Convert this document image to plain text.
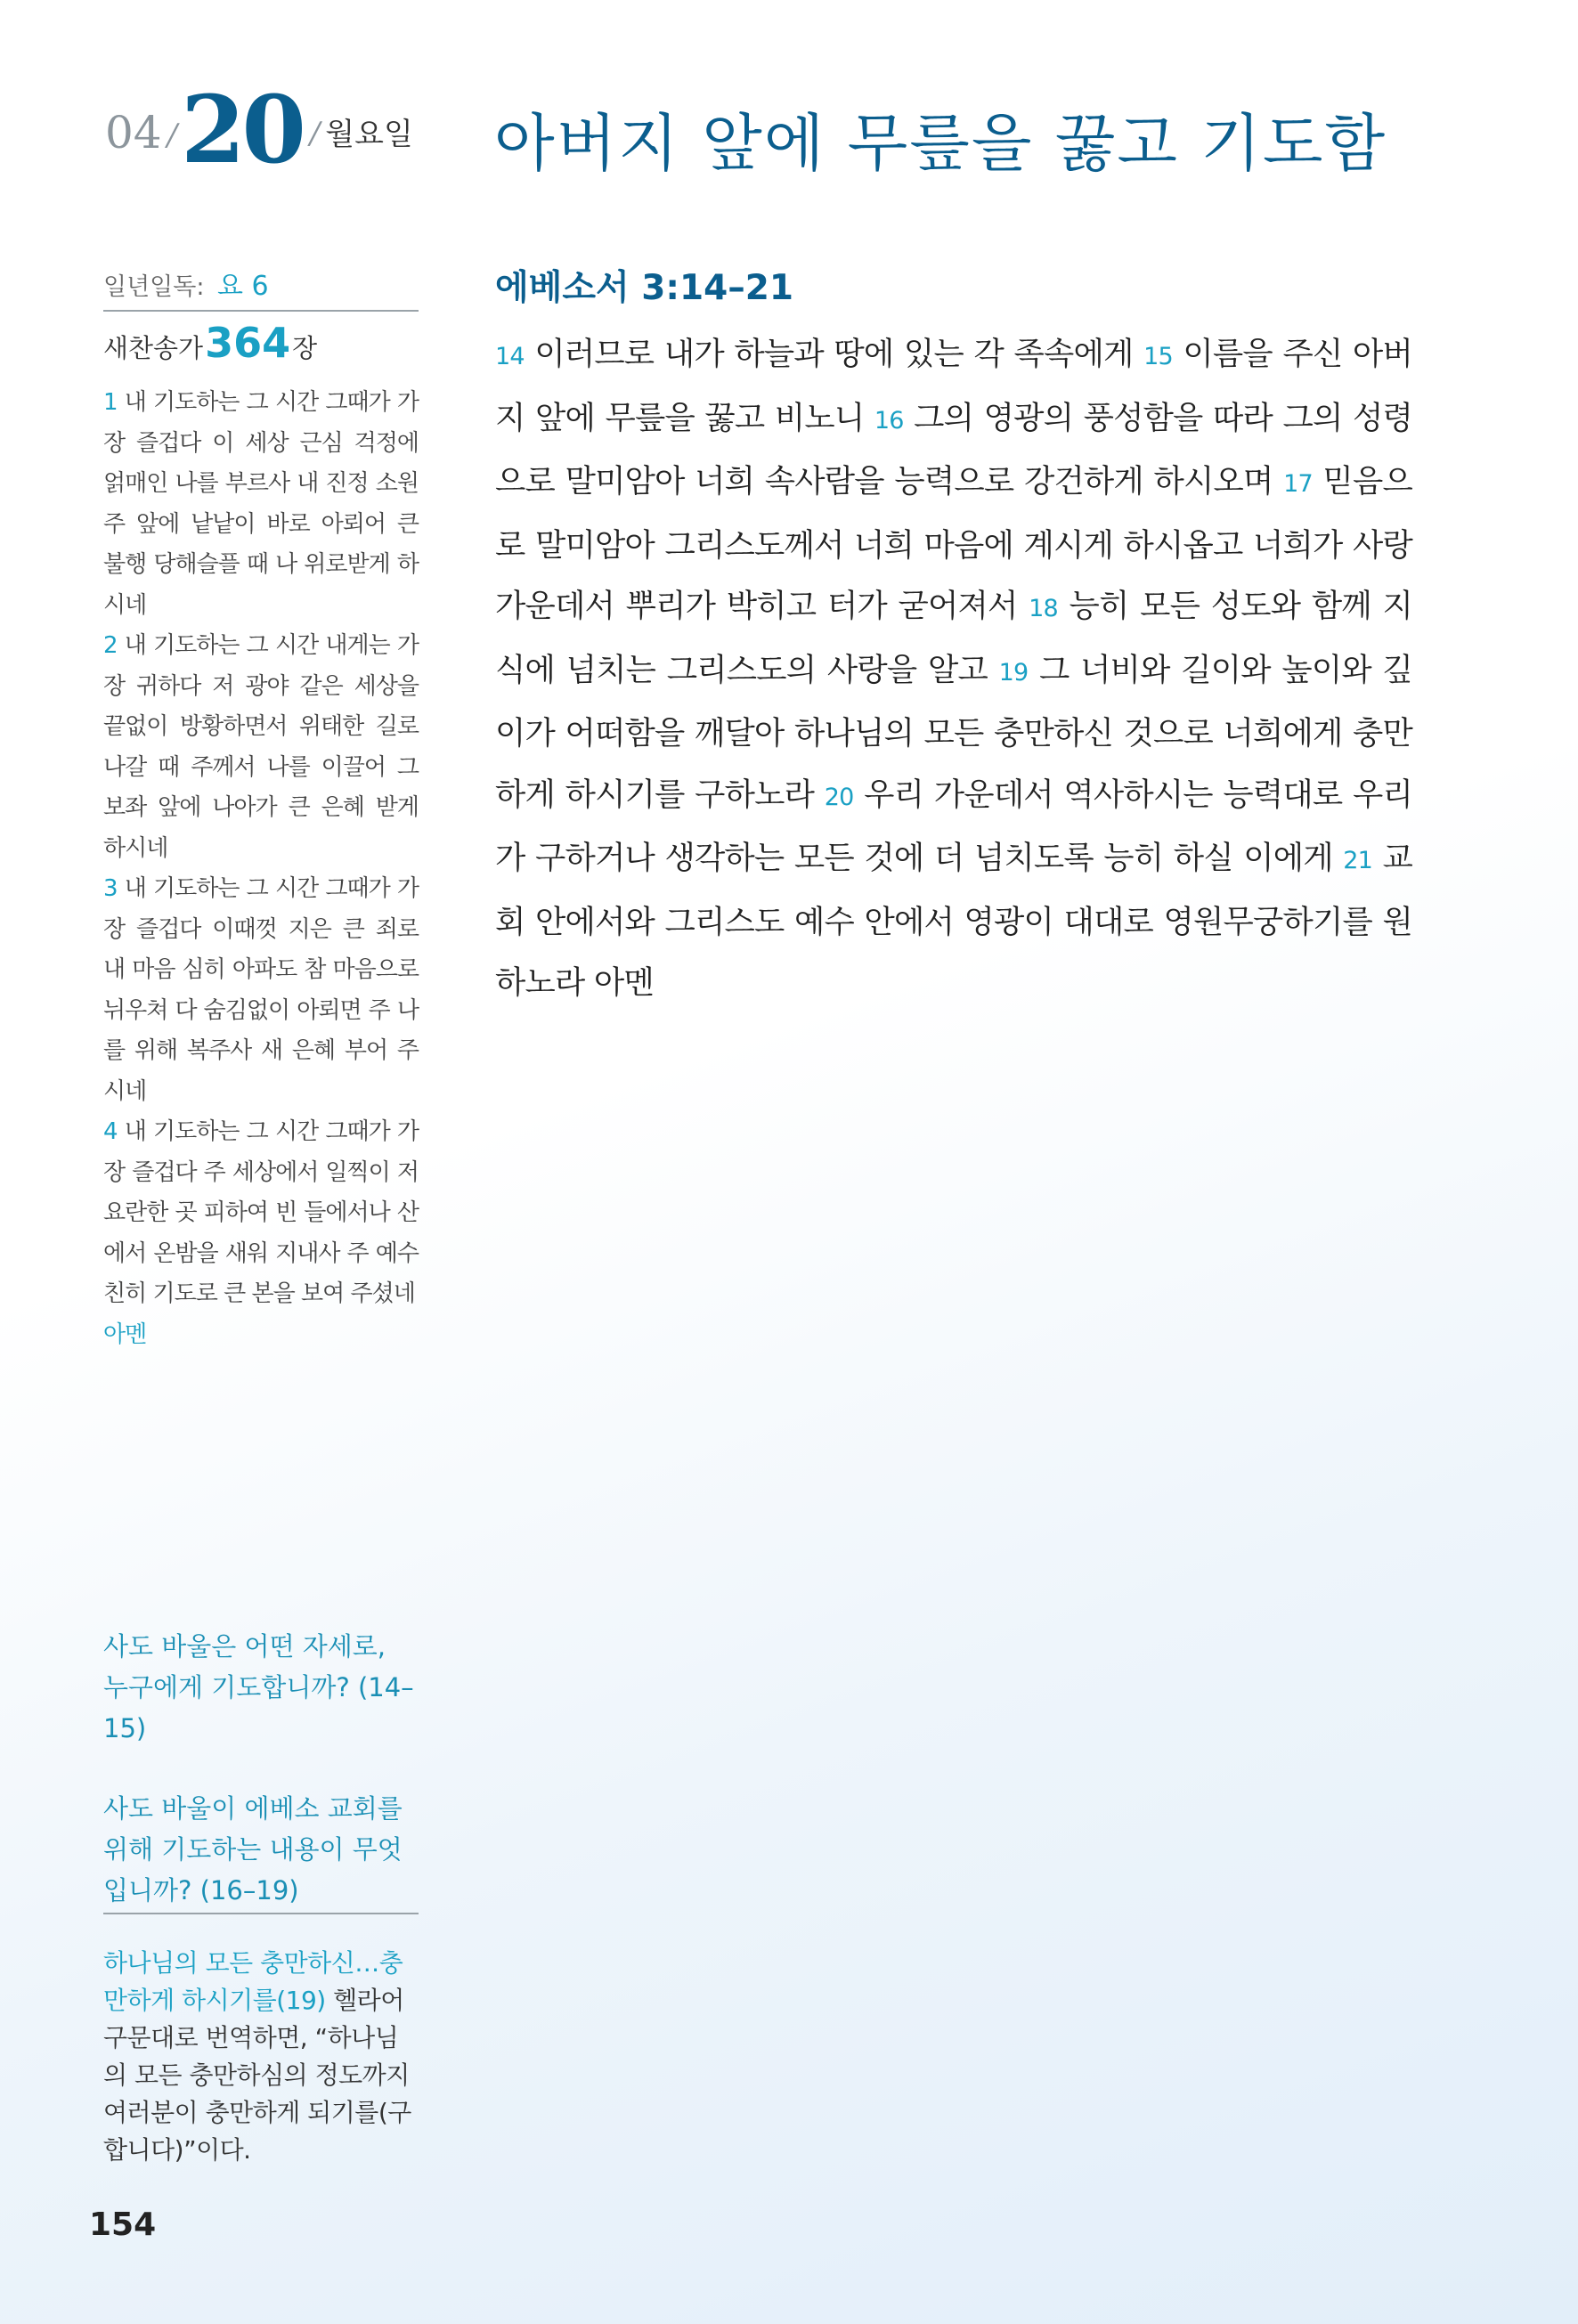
04 / 20 / 월요일 아버지 앞에 무릎을 꿇고 기도함
일년일독: 요 6
새찬송가 364 장
1 내 기도하는 그 시간 그때가 가장 즐겁다 이 세상 근심 걱정에 얽매인 나를 부르사 내 진정 소원 주 앞에 낱낱이 바로 아뢰어 큰 불행 당해슬플 때 나 위로받게 하시네
2 내 기도하는 그 시간 내게는 가장 귀하다 저 광야 같은 세상을 끝없이 방황하면서 위태한 길로 나갈 때 주께서 나를 이끌어 그 보좌 앞에 나아가 큰 은혜 받게 하시네
3 내 기도하는 그 시간 그때가 가장 즐겁다 이때껏 지은 큰 죄로 내 마음 심히 아파도 참 마음으로 뉘우쳐 다 숨김없이 아뢰면 주 나를 위해 복주사 새 은혜 부어 주시네
4 내 기도하는 그 시간 그때가 가장 즐겁다 주 세상에서 일찍이 저 요란한 곳 피하여 빈 들에서나 산에서 온밤을 새워 지내사 주 예수 친히 기도로 큰 본을 보여 주셨네
아멘

사도 바울은 어떤 자세로, 누구에게 기도합니까? (14–15)

사도 바울이 에베소 교회를 위해 기도하는 내용이 무엇입니까? (16–19)

하나님의 모든 충만하신…충만하게 하시기를(19) 헬라어 구문대로 번역하면, “하나님의 모든 충만하심의 정도까지 여러분이 충만하게 되기를(구합니다)”이다.
154
에베소서 3:14–21
14 이러므로 내가 하늘과 땅에 있는 각 족속에게 15 이름을 주신 아버지 앞에 무릎을 꿇고 비노니 16 그의 영광의 풍성함을 따라 그의 성령으로 말미암아 너희 속사람을 능력으로 강건하게 하시오며 17 믿음으로 말미암아 그리스도께서 너희 마음에 계시게 하시옵고 너희가 사랑 가운데서 뿌리가 박히고 터가 굳어져서 18 능히 모든 성도와 함께 지식에 넘치는 그리스도의 사랑을 알고 19 그 너비와 길이와 높이와 깊이가 어떠함을 깨달아 하나님의 모든 충만하신 것으로 너희에게 충만하게 하시기를 구하노라 20 우리 가운데서 역사하시는 능력대로 우리가 구하거나 생각하는 모든 것에 더 넘치도록 능히 하실 이에게 21 교회 안에서와 그리스도 예수 안에서 영광이 대대로 영원무궁하기를 원하노라 아멘
